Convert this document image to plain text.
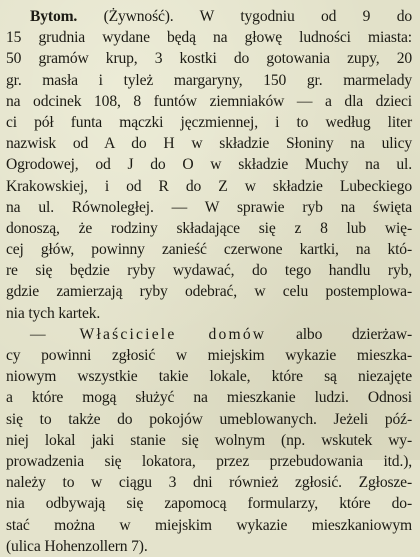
Bytom. (Żywność). W tygodniu od 9 do
15 grudnia wydane będą na głowę ludności miasta:
50 gramów krup, 3 kostki do gotowania zupy, 20
gr. masła i tyleż margaryny, 150 gr. marmelady
na odcinek 108, 8 funtów ziemniaków — a dla dzieci
ci pół funta mączki jęczmiennej, i to według liter
nazwisk od A do H w składzie Słoniny na ulicy
Ogrodowej, od J do O w składzie Muchy na ul.
Krakowskiej, i od R do Z w składzie Lubeckiego
na ul. Równoległej. — W sprawie ryb na święta
donoszą, że rodziny składające się z 8 lub wię-
cej głów, powinny zanieść czerwone kartki, na któ-
re się będzie ryby wydawać, do tego handlu ryb,
gdzie zamierzają ryby odebrać, w celu postemplowa-
nia tych kartek.
— Właściciele domów albo dzierżaw-
cy powinni zgłosić w miejskim wykazie mieszka-
niowym wszystkie takie lokale, które są niezajęte
a które mogą służyć na mieszkanie ludzi. Odnosi
się to także do pokojów umeblowanych. Jeżeli póź-
niej lokal jaki stanie się wolnym (np. wskutek wy-
prowadzenia się lokatora, przez przebudowania itd.),
należy to w ciągu 3 dni również zgłosić. Zgłosze-
nia odbywają się zapomocą formularzy, które do-
stać można w miejskim wykazie mieszkaniowym
(ulica Hohenzollern 7).
